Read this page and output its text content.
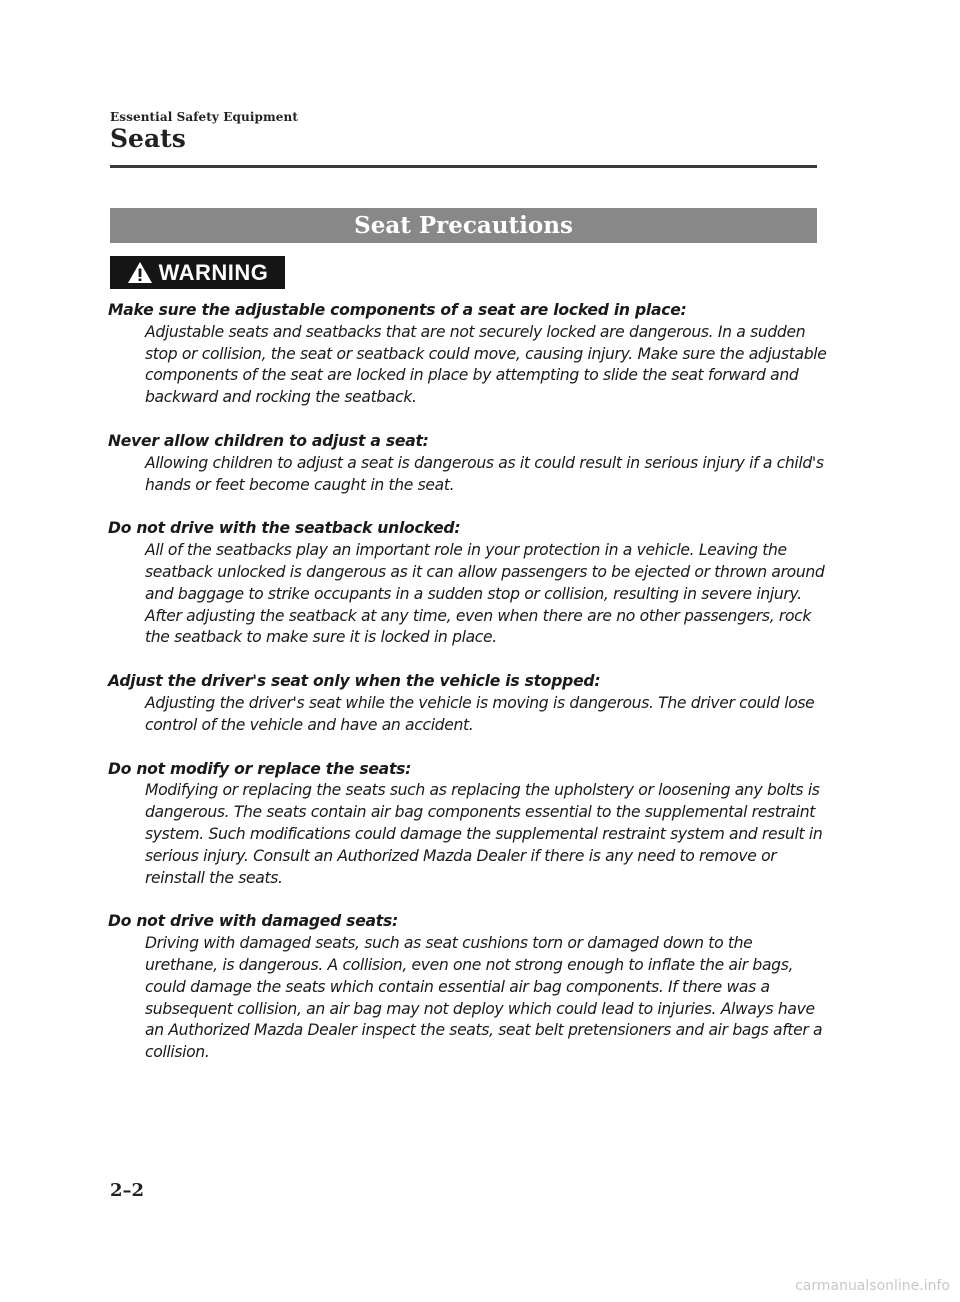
Essential Safety Equipment
Seats
Seat Precautions
WARNING
Make sure the adjustable components of a seat are locked in place:
Adjustable seats and seatbacks that are not securely locked are dangerous. In a sudden stop or collision, the seat or seatback could move, causing injury. Make sure the adjustable components of the seat are locked in place by attempting to slide the seat forward and backward and rocking the seatback.
Never allow children to adjust a seat:
Allowing children to adjust a seat is dangerous as it could result in serious injury if a child's hands or feet become caught in the seat.
Do not drive with the seatback unlocked:
All of the seatbacks play an important role in your protection in a vehicle. Leaving the seatback unlocked is dangerous as it can allow passengers to be ejected or thrown around and baggage to strike occupants in a sudden stop or collision, resulting in severe injury. After adjusting the seatback at any time, even when there are no other passengers, rock the seatback to make sure it is locked in place.
Adjust the driver's seat only when the vehicle is stopped:
Adjusting the driver's seat while the vehicle is moving is dangerous. The driver could lose control of the vehicle and have an accident.
Do not modify or replace the seats:
Modifying or replacing the seats such as replacing the upholstery or loosening any bolts is dangerous. The seats contain air bag components essential to the supplemental restraint system. Such modifications could damage the supplemental restraint system and result in serious injury. Consult an Authorized Mazda Dealer if there is any need to remove or reinstall the seats.
Do not drive with damaged seats:
Driving with damaged seats, such as seat cushions torn or damaged down to the urethane, is dangerous. A collision, even one not strong enough to inflate the air bags, could damage the seats which contain essential air bag components. If there was a subsequent collision, an air bag may not deploy which could lead to injuries. Always have an Authorized Mazda Dealer inspect the seats, seat belt pretensioners and air bags after a collision.
2–2
carmanualsonline.info
